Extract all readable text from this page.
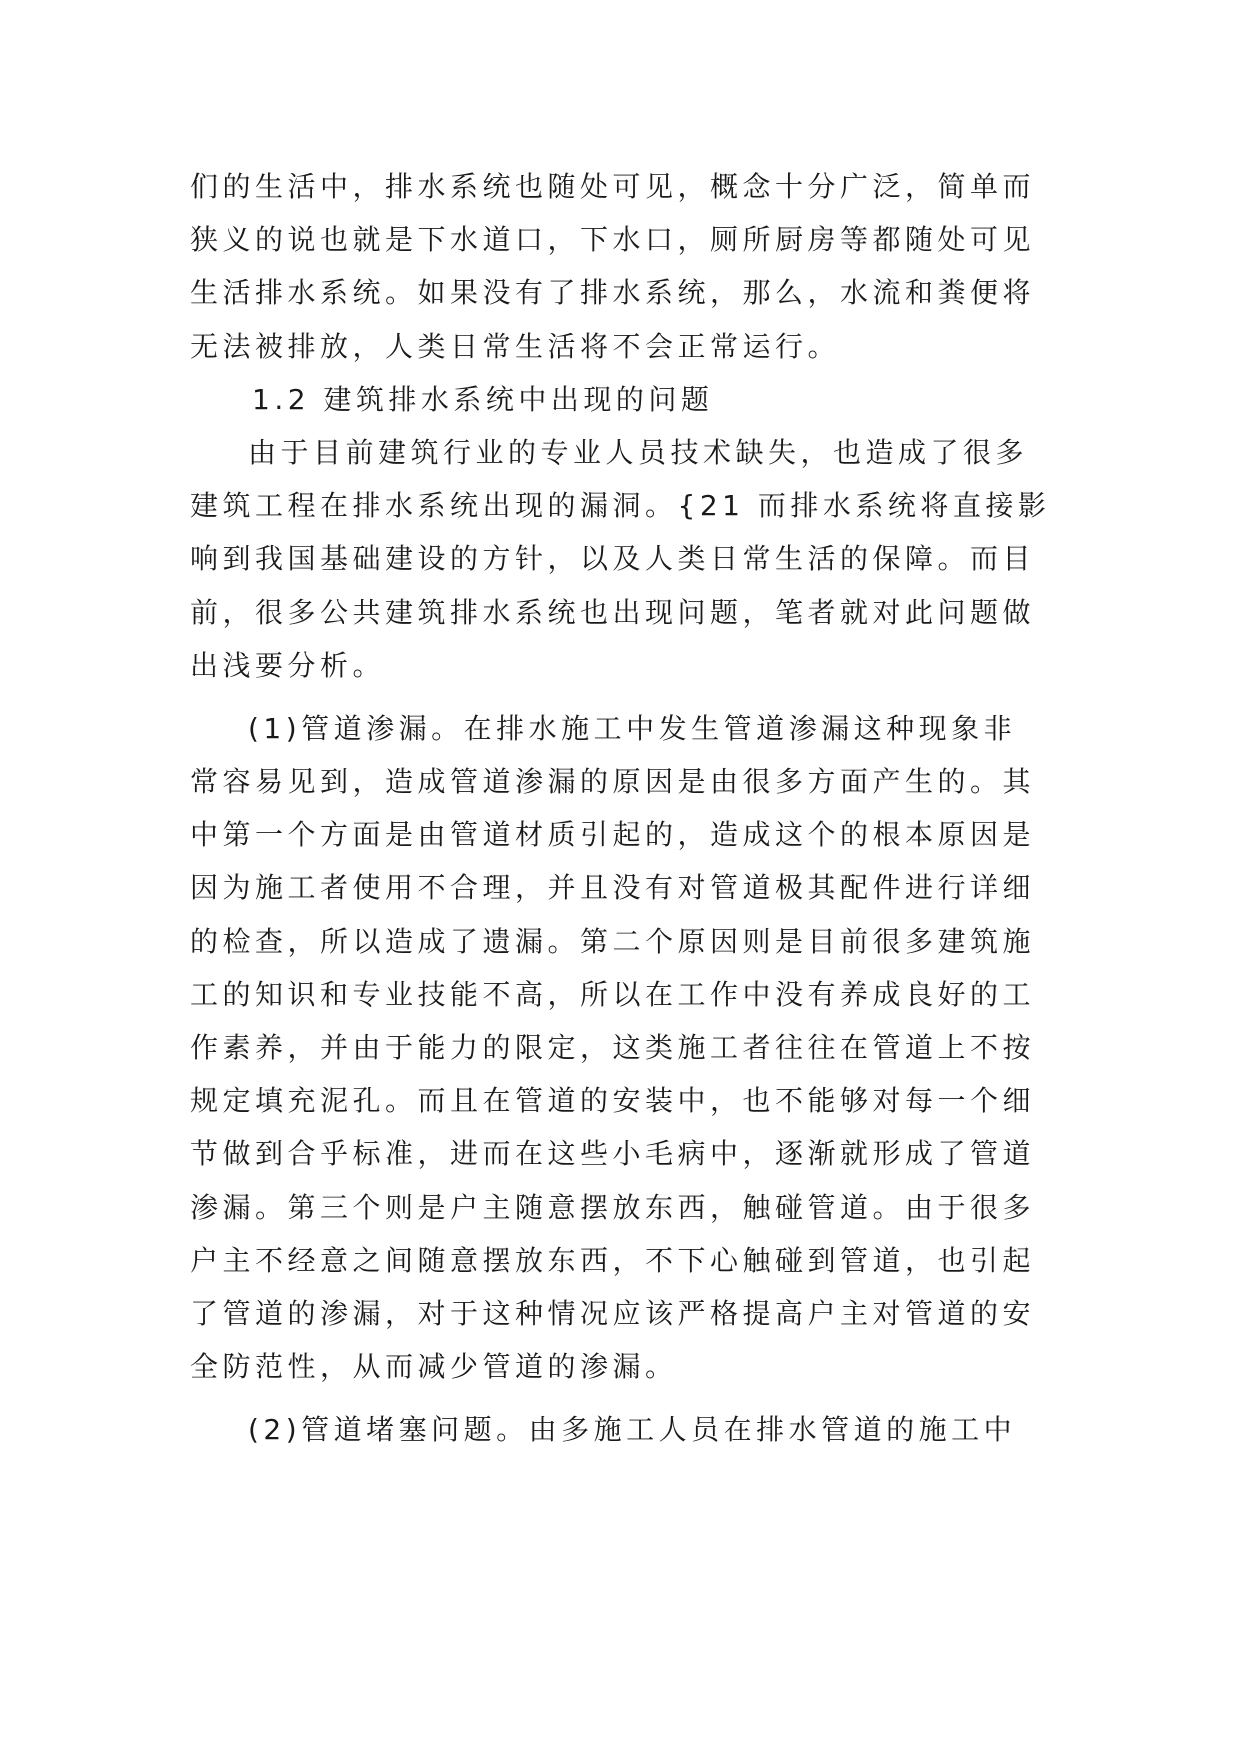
们的生活中，排水系统也随处可见，概念十分广泛，简单而
狭义的说也就是下水道口，下水口，厕所厨房等都随处可见
生活排水系统。如果没有了排水系统，那么，水流和粪便将
无法被排放，人类日常生活将不会正常运行。
1.2 建筑排水系统中出现的问题
由于目前建筑行业的专业人员技术缺失，也造成了很多
建筑工程在排水系统出现的漏洞。{21 而排水系统将直接影
响到我国基础建设的方针，以及人类日常生活的保障。而目
前，很多公共建筑排水系统也出现问题，笔者就对此问题做
出浅要分析。
(1)管道渗漏。在排水施工中发生管道渗漏这种现象非
常容易见到，造成管道渗漏的原因是由很多方面产生的。其
中第一个方面是由管道材质引起的，造成这个的根本原因是
因为施工者使用不合理，并且没有对管道极其配件进行详细
的检查，所以造成了遗漏。第二个原因则是目前很多建筑施
工的知识和专业技能不高，所以在工作中没有养成良好的工
作素养，并由于能力的限定，这类施工者往往在管道上不按
规定填充泥孔。而且在管道的安装中，也不能够对每一个细
节做到合乎标准，进而在这些小毛病中，逐渐就形成了管道
渗漏。第三个则是户主随意摆放东西，触碰管道。由于很多
户主不经意之间随意摆放东西，不下心触碰到管道，也引起
了管道的渗漏，对于这种情况应该严格提高户主对管道的安
全防范性，从而减少管道的渗漏。
(2)管道堵塞问题。由多施工人员在排水管道的施工中
